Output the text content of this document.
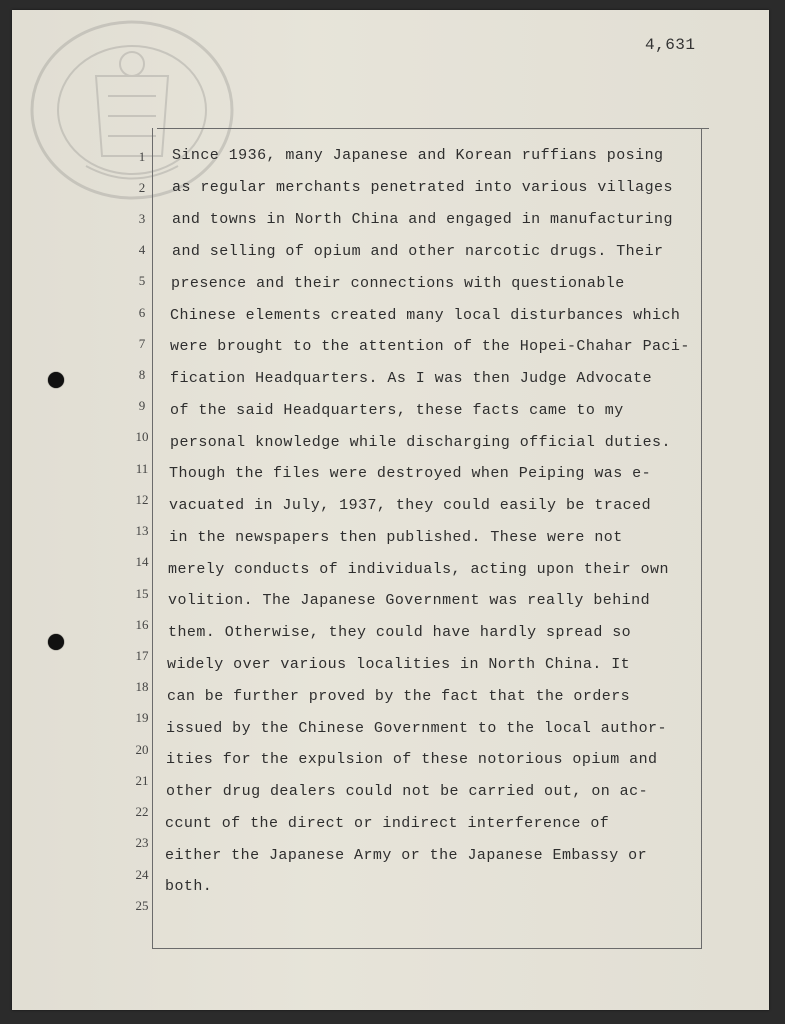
4,631
1
2
3
4
5
6
7
8
9
10
11
12
13
14
15
16
17
18
19
20
21
22
23
24
25
Since 1936, many Japanese and Korean ruffians posing
as regular merchants penetrated into various villages
and towns in North China and engaged in manufacturing
and selling of opium and other narcotic drugs. Their
presence and their connections with questionable
Chinese elements created many local disturbances which
were brought to the attention of the Hopei-Chahar Paci-
fication Headquarters. As I was then Judge Advocate
of the said Headquarters, these facts came to my
personal knowledge while discharging official duties.
Though the files were destroyed when Peiping was e-
vacuated in July, 1937, they could easily be traced
in the newspapers then published. These were not
merely conducts of individuals, acting upon their own
volition. The Japanese Government was really behind
them. Otherwise, they could have hardly spread so
widely over various localities in North China. It
can be further proved by the fact that the orders
issued by the Chinese Government to the local author-
ities for the expulsion of these notorious opium and
other drug dealers could not be carried out, on ac-
ccunt of the direct or indirect interference of
either the Japanese Army or the Japanese Embassy or
both.
